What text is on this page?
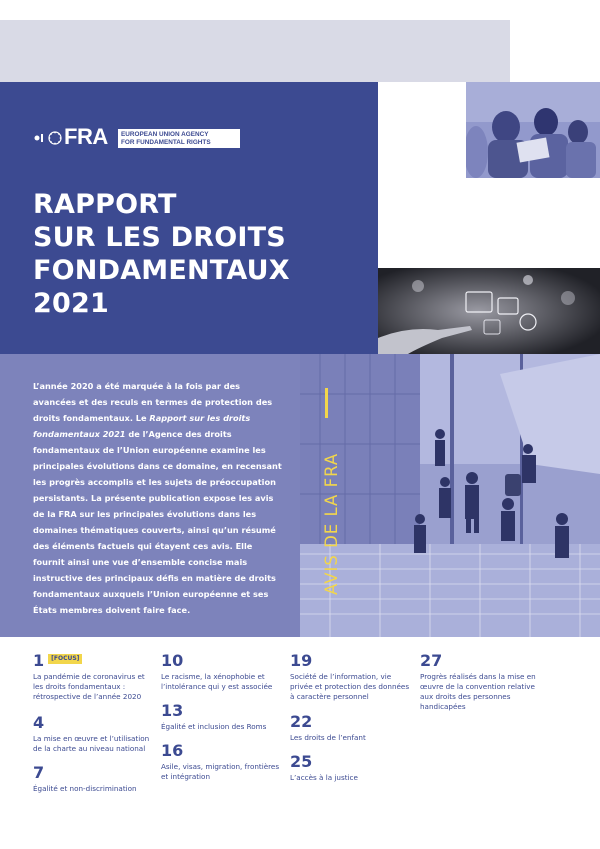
FRA	EUROPEAN UNION AGENCY
FOR FUNDAMENTAL RIGHTS
RAPPORT
SUR LES DROITS
FONDAMENTAUX
2021
L’année 2020 a été marquée à la fois par des avancées et des reculs en termes de protection des droits fondamentaux. Le Rapport sur les droits fondamentaux 2021 de l’Agence des droits fondamentaux de l’Union européenne examine les principales évolutions dans ce domaine, en recensant les progrès accomplis et les sujets de préoccupation persistants. La présente publication expose les avis de la FRA sur les principales évolutions dans les domaines thématiques couverts, ainsi qu’un résumé des éléments factuels qui étayent ces avis. Elle fournit ainsi une vue d’ensemble concise mais instructive des principaux défis en matière de droits fondamentaux auxquels l’Union européenne et ses États membres doivent faire face.
AVIS DE LA FRA
1 [FOCUS]
La pandémie de coronavirus et les droits fondamentaux : rétrospective de l’année 2020
4
La mise en œuvre et l’utilisation de la charte au niveau national
7
Égalité et non-discrimination
10
Le racisme, la xénophobie et l’intolérance qui y est associée
13
Égalité et inclusion des Roms
16
Asile, visas, migration, frontières et intégration
19
Société de l’information, vie privée et protection des données à caractère personnel
22
Les droits de l’enfant
25
L’accès à la justice
27
Progrès réalisés dans la mise en œuvre de la convention relative aux droits des personnes handicapées
